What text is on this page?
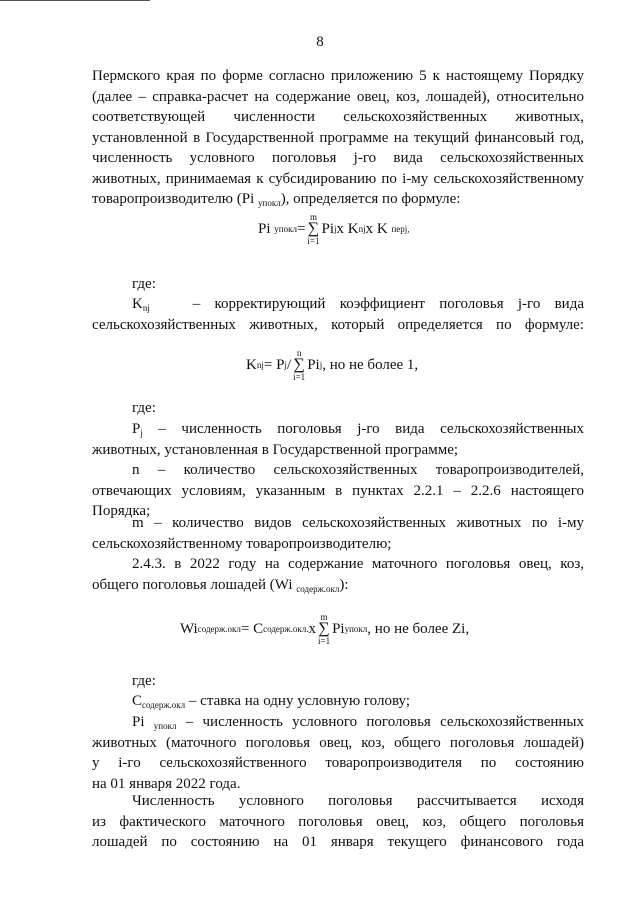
8

Пермского края по форме согласно приложению 5 к настоящему Порядку

(далее – справка-расчет на содержание овец, коз, лошадей), относительно

соответствующей численности сельскохозяйственных животных,

установленной в Государственной программе на текущий финансовый год,

численность условного поголовья j-го вида сельскохозяйственных

животных, принимаемая к субсидированию по i-му сельскохозяйственному

товаропроизводителю (Pi $_{упокл}$), определяется по формуле:

Pi
упокл =
m
∑
i=1
Pi j x K nj x K
перj,

где:

$K_{nj}$	– корректирующий коэффициент поголовья j-го вида

сельскохозяйственных животных, который определяется по формуле:

K nj = P j /
n
∑
i=1
Pi j , но не более 1,

где:

$P_j$ – численность поголовья j-го вида сельскохозяйственных

животных, установленная в Государственной программе;

n – количество сельскохозяйственных товаропроизводителей,

отвечающих условиям, указанным в пунктах 2.2.1 – 2.2.6 настоящего

Порядка;

m – количество видов сельскохозяйственных животных по i-му

сельскохозяйственному товаропроизводителю;

2.4.3. в 2022 году на содержание маточного поголовья овец, коз,

общего поголовья лошадей (Wi $_{содерж.окл}$):

Wi содерж.окл = C содерж.окл. x
m
∑
i=1
Pi упокл , но не более Zi,

где:

$C_{содерж.окл}$ – ставка на одну условную голову;

Pi $_{упокл}$ – численность условного поголовья сельскохозяйственных

животных (маточного поголовья овец, коз, общего поголовья лошадей)

у i-го сельскохозяйственного товаропроизводителя по состоянию

на 01 января 2022 года.

Численность условного поголовья рассчитывается исходя

из фактического маточного поголовья овец, коз, общего поголовья

лошадей по состоянию на 01 января текущего финансового года
